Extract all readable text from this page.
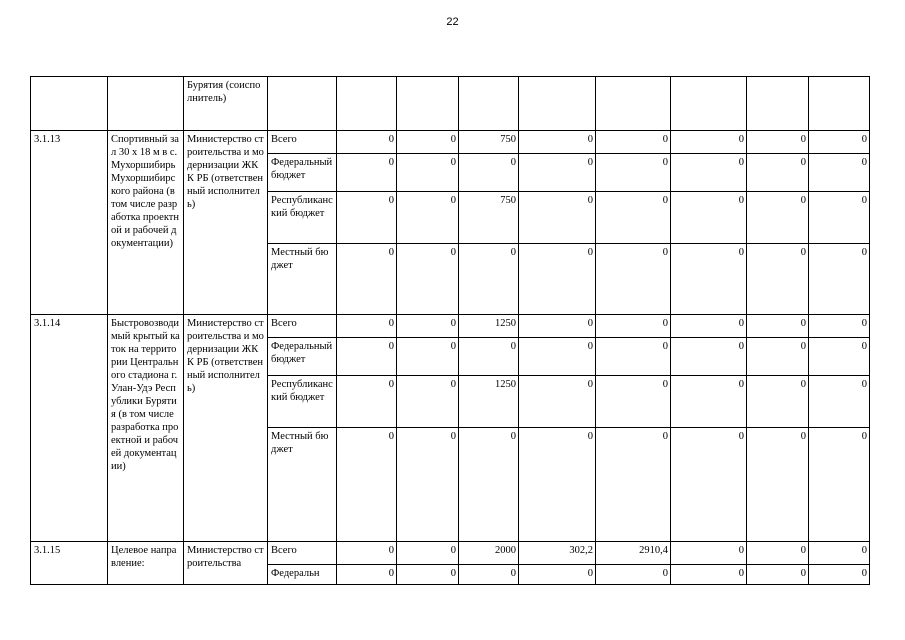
22
		Бурятия (соисполнитель)									
3.1.13	Спортивный зал 30 х 18 м в с. Мухоршибирь Мухоршибирского района (в том числе разработка проектной и рабочей документации)	Министерство строительства и модернизации ЖКК РБ (ответственный исполнитель)	Всего	0	0	750	0	0	0	0	0
			Федеральный бюджет	0	0	0	0	0	0	0	0
			Республиканский бюджет	0	0	750	0	0	0	0	0
			Местный бюджет	0	0	0	0	0	0	0	0
3.1.14	Быстровозводимый крытый каток на территории Центрального стадиона г. Улан-Удэ Республики Бурятия (в том числе разработка проектной и рабочей документации)	Министерство строительства и модернизации ЖКК РБ (ответственный исполнитель)	Всего	0	0	1250	0	0	0	0	0
			Федеральный бюджет	0	0	0	0	0	0	0	0
			Республиканский бюджет	0	0	1250	0	0	0	0	0
			Местный бюджет	0	0	0	0	0	0	0	0
3.1.15	Целевое направление:	Министерство строительства	Всего	0	0	2000	302,2	2910,4	0	0	0
			Федеральн	0	0	0	0	0	0	0	0
